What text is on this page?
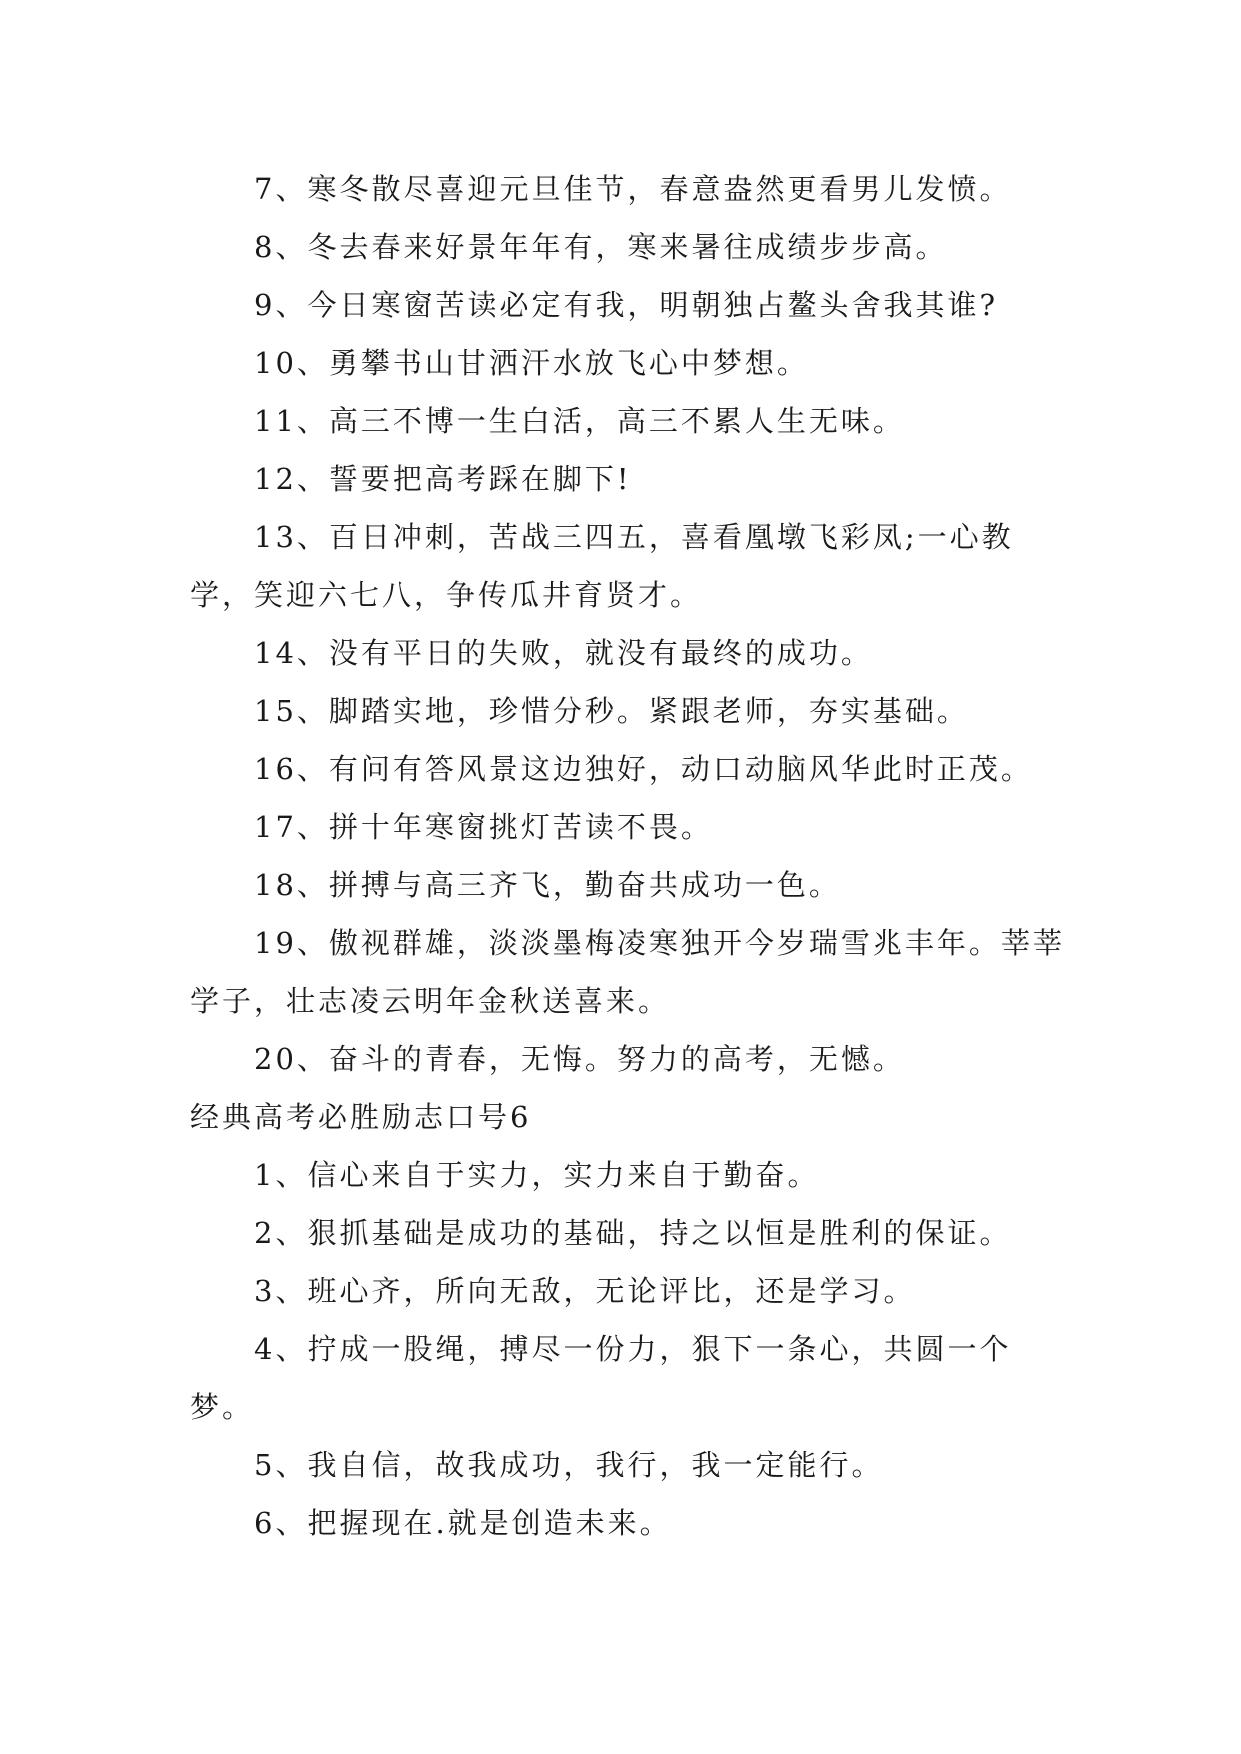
7、寒冬散尽喜迎元旦佳节，春意盎然更看男儿发愤。

8、冬去春来好景年年有，寒来暑往成绩步步高。

9、今日寒窗苦读必定有我，明朝独占鳌头舍我其谁?

10、勇攀书山甘洒汗水放飞心中梦想。

11、高三不博一生白活，高三不累人生无味。

12、誓要把高考踩在脚下!

13、百日冲刺，苦战三四五，喜看凰墩飞彩凤;一心教学，笑迎六七八，争传瓜井育贤才。

14、没有平日的失败，就没有最终的成功。

15、脚踏实地，珍惜分秒。紧跟老师，夯实基础。

16、有问有答风景这边独好，动口动脑风华此时正茂。

17、拼十年寒窗挑灯苦读不畏。

18、拼搏与高三齐飞，勤奋共成功一色。

19、傲视群雄，淡淡墨梅凌寒独开今岁瑞雪兆丰年。莘莘学子，壮志凌云明年金秋送喜来。

20、奋斗的青春，无悔。努力的高考，无憾。

经典高考必胜励志口号6

1、信心来自于实力，实力来自于勤奋。

2、狠抓基础是成功的基础，持之以恒是胜利的保证。

3、班心齐，所向无敌，无论评比，还是学习。

4、拧成一股绳，搏尽一份力，狠下一条心，共圆一个梦。

5、我自信，故我成功，我行，我一定能行。

6、把握现在.就是创造未来。
